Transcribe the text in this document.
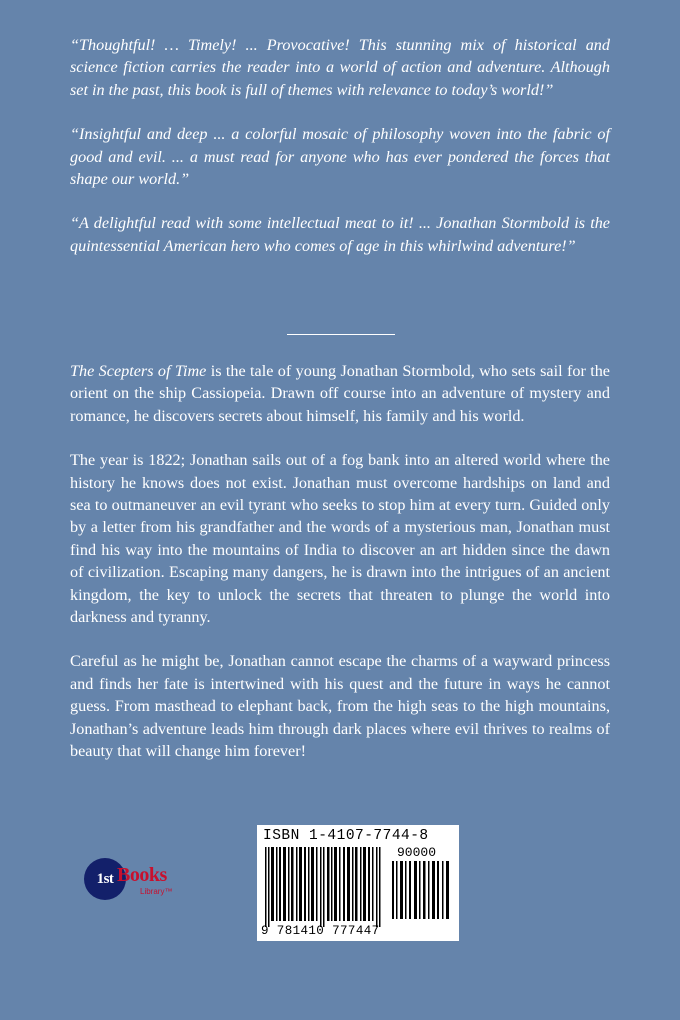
“Thoughtful! … Timely! ... Provocative! This stunning mix of historical and science fiction carries the reader into a world of action and adventure. Although set in the past, this book is full of themes with relevance to today’s world!”

“Insightful and deep ... a colorful mosaic of philosophy woven into the fabric of good and evil. ... a must read for anyone who has ever pondered the forces that shape our world.”

“A delightful read with some intellectual meat to it! ... Jonathan Stormbold is the quintessential American hero who comes of age in this whirlwind adventure!”

The Scepters of Time is the tale of young Jonathan Stormbold, who sets sail for the orient on the ship Cassiopeia. Drawn off course into an adventure of mystery and romance, he discovers secrets about himself, his family and his world.

The year is 1822; Jonathan sails out of a fog bank into an altered world where the history he knows does not exist. Jonathan must overcome hardships on land and sea to outmaneuver an evil tyrant who seeks to stop him at every turn. Guided only by a letter from his grandfather and the words of a mysterious man, Jonathan must find his way into the mountains of India to discover an art hidden since the dawn of civilization. Escaping many dangers, he is drawn into the intrigues of an ancient kingdom, the key to unlock the secrets that threaten to plunge the world into darkness and tyranny.

Careful as he might be, Jonathan cannot escape the charms of a wayward princess and finds her fate is intertwined with his quest and the future in ways he cannot guess. From masthead to elephant back, from the high seas to the high mountains, Jonathan’s adventure leads him through dark places where evil thrives to realms of beauty that will change him forever!

1st Books
Library™
ISBN 1-4107-7744-8
90000
9 781410 777447
